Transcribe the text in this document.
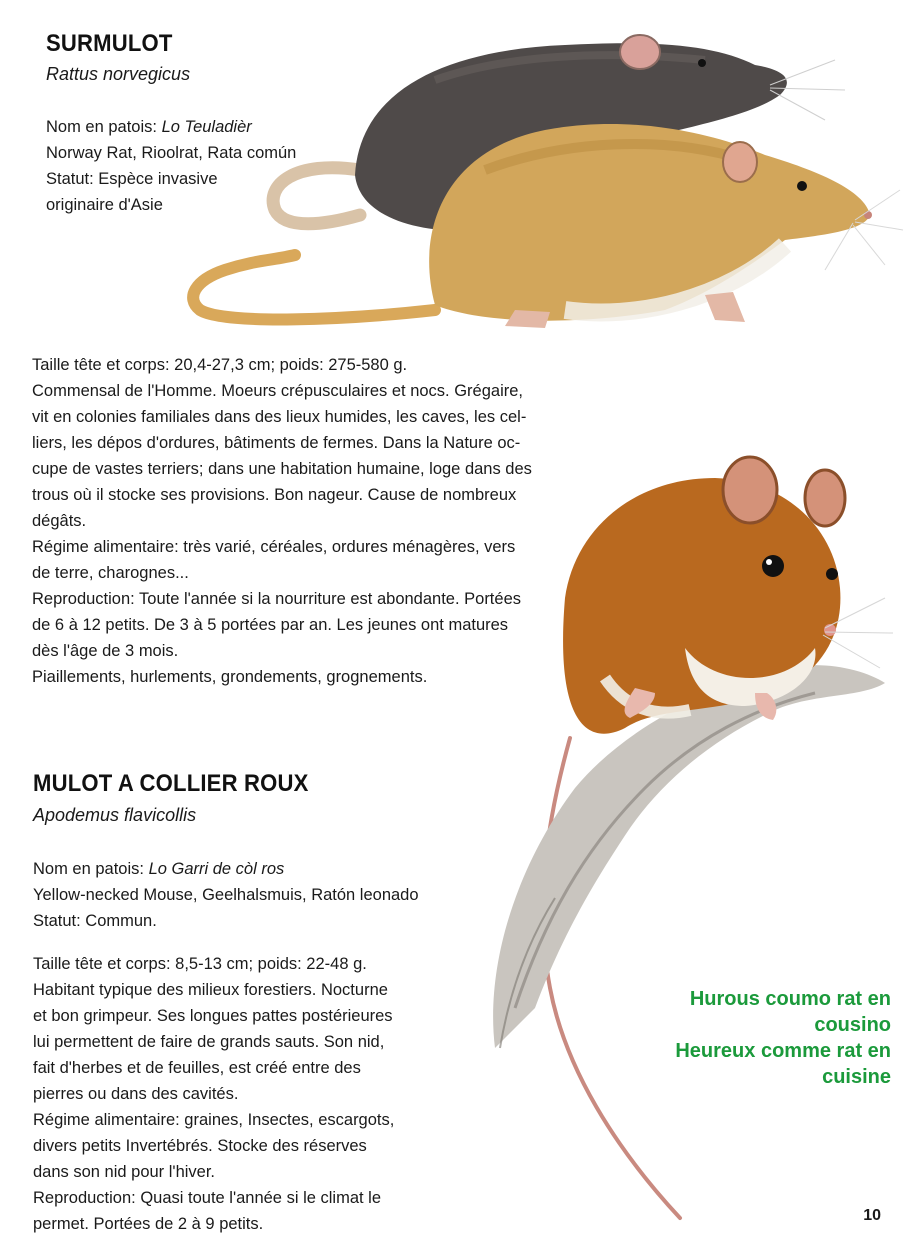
SURMULOT

Rattus norvegicus

Nom en patois: Lo Teuladièr
Norway Rat, Rioolrat, Rata común
Statut: Espèce invasive
originaire d'Asie
Taille tête et corps: 20,4-27,3 cm; poids: 275-580 g.
Commensal de l'Homme. Moeurs crépusculaires et nocs. Grégaire,
vit en colonies familiales dans des lieux humides, les caves, les cel-
liers, les dépos d'ordures, bâtiments de fermes. Dans la Nature oc-
cupe de vastes terriers; dans une habitation humaine, loge dans des
trous où il stocke ses provisions. Bon nageur. Cause de nombreux
dégâts.
Régime alimentaire: très varié, céréales, ordures ménagères, vers
de terre, charognes...
Reproduction: Toute l'année si la nourriture est abondante. Portées
de 6 à 12 petits. De 3 à 5 portées par an. Les jeunes ont matures
dès l'âge de 3 mois.
Piaillements, hurlements, grondements, grognements.
MULOT A COLLIER ROUX

Apodemus flavicollis

Nom en patois: Lo Garri de còl ros
Yellow-necked Mouse, Geelhalsmuis, Ratón leonado
Statut: Commun.
Taille tête et corps: 8,5-13 cm; poids: 22-48 g.
Habitant typique des milieux forestiers. Nocturne
et bon grimpeur. Ses longues pattes postérieures
lui permettent de faire de grands sauts. Son nid,
fait d'herbes et de feuilles, est créé entre des
pierres ou dans des cavités.
Régime alimentaire: graines, Insectes, escargots,
divers petits Invertébrés. Stocke des réserves
dans son nid pour l'hiver.
Reproduction: Quasi toute l'année si le climat le
permet. Portées de 2 à 9 petits.
Hurous coumo rat en
cousino
Heureux comme rat en
cuisine
10
